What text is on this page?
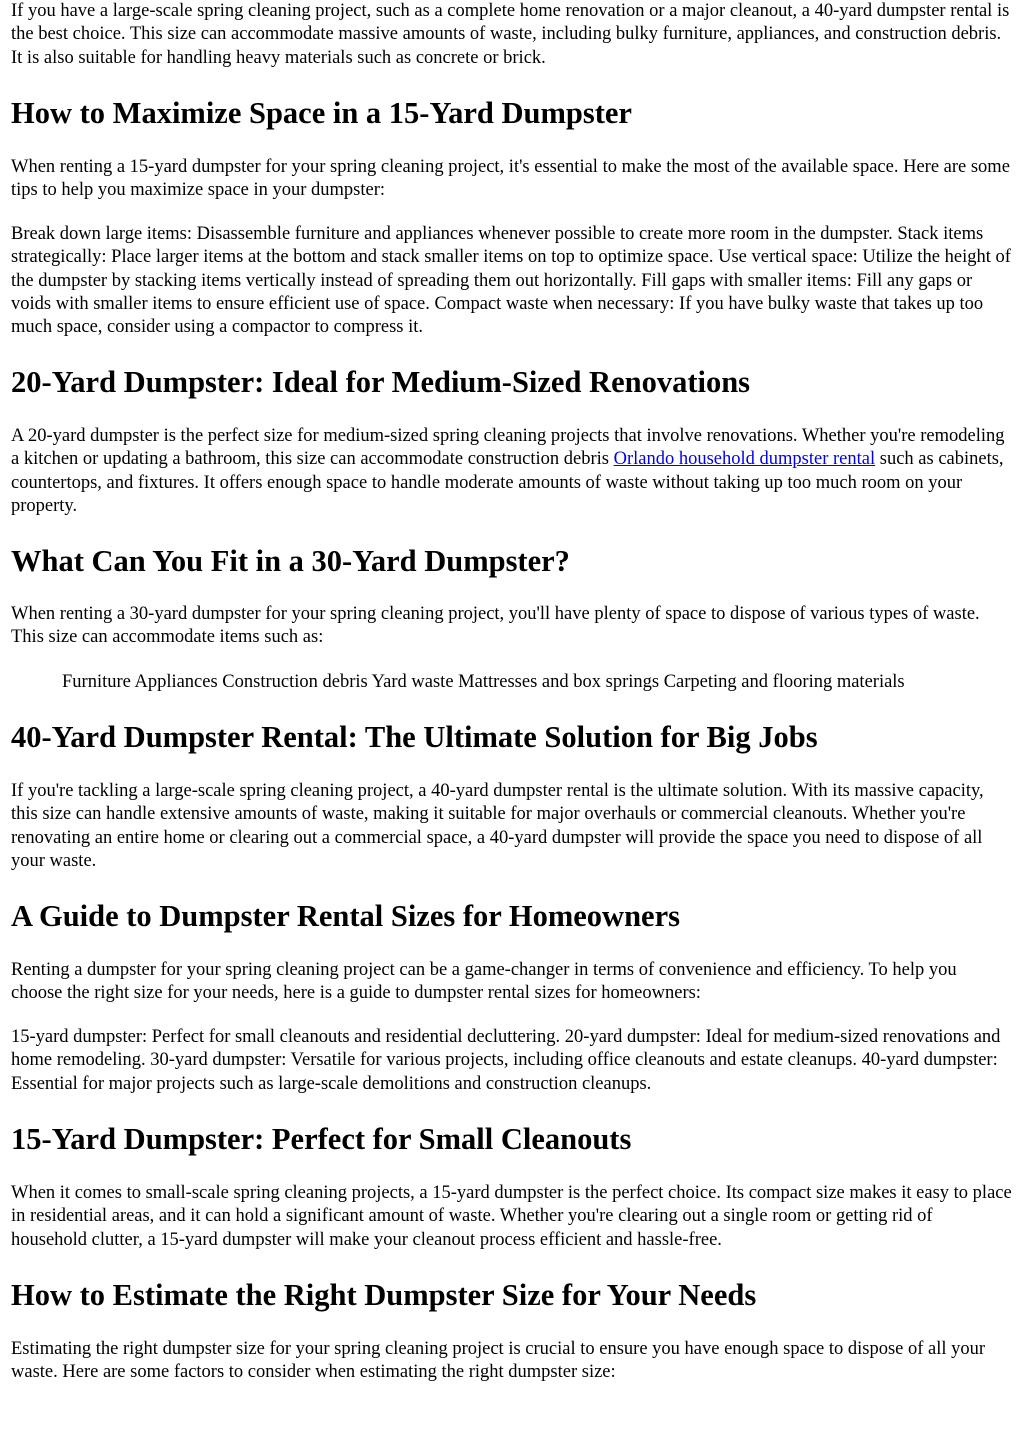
If you have a large-scale spring cleaning project, such as a complete home renovation or a major cleanout, a 40-yard dumpster rental is the best choice. This size can accommodate massive amounts of waste, including bulky furniture, appliances, and construction debris. It is also suitable for handling heavy materials such as concrete or brick.

How to Maximize Space in a 15-Yard Dumpster

When renting a 15-yard dumpster for your spring cleaning project, it's essential to make the most of the available space. Here are some tips to help you maximize space in your dumpster:

Break down large items: Disassemble furniture and appliances whenever possible to create more room in the dumpster. Stack items strategically: Place larger items at the bottom and stack smaller items on top to optimize space. Use vertical space: Utilize the height of the dumpster by stacking items vertically instead of spreading them out horizontally. Fill gaps with smaller items: Fill any gaps or voids with smaller items to ensure efficient use of space. Compact waste when necessary: If you have bulky waste that takes up too much space, consider using a compactor to compress it.

20-Yard Dumpster: Ideal for Medium-Sized Renovations

A 20-yard dumpster is the perfect size for medium-sized spring cleaning projects that involve renovations. Whether you're remodeling a kitchen or updating a bathroom, this size can accommodate construction debris Orlando household dumpster rental such as cabinets, countertops, and fixtures. It offers enough space to handle moderate amounts of waste without taking up too much room on your property.

What Can You Fit in a 30-Yard Dumpster?

When renting a 30-yard dumpster for your spring cleaning project, you'll have plenty of space to dispose of various types of waste. This size can accommodate items such as:

Furniture Appliances Construction debris Yard waste Mattresses and box springs Carpeting and flooring materials

40-Yard Dumpster Rental: The Ultimate Solution for Big Jobs

If you're tackling a large-scale spring cleaning project, a 40-yard dumpster rental is the ultimate solution. With its massive capacity, this size can handle extensive amounts of waste, making it suitable for major overhauls or commercial cleanouts. Whether you're renovating an entire home or clearing out a commercial space, a 40-yard dumpster will provide the space you need to dispose of all your waste.

A Guide to Dumpster Rental Sizes for Homeowners

Renting a dumpster for your spring cleaning project can be a game-changer in terms of convenience and efficiency. To help you choose the right size for your needs, here is a guide to dumpster rental sizes for homeowners:

15-yard dumpster: Perfect for small cleanouts and residential decluttering. 20-yard dumpster: Ideal for medium-sized renovations and home remodeling. 30-yard dumpster: Versatile for various projects, including office cleanouts and estate cleanups. 40-yard dumpster: Essential for major projects such as large-scale demolitions and construction cleanups.

15-Yard Dumpster: Perfect for Small Cleanouts

When it comes to small-scale spring cleaning projects, a 15-yard dumpster is the perfect choice. Its compact size makes it easy to place in residential areas, and it can hold a significant amount of waste. Whether you're clearing out a single room or getting rid of household clutter, a 15-yard dumpster will make your cleanout process efficient and hassle-free.

How to Estimate the Right Dumpster Size for Your Needs

Estimating the right dumpster size for your spring cleaning project is crucial to ensure you have enough space to dispose of all your waste. Here are some factors to consider when estimating the right dumpster size:
